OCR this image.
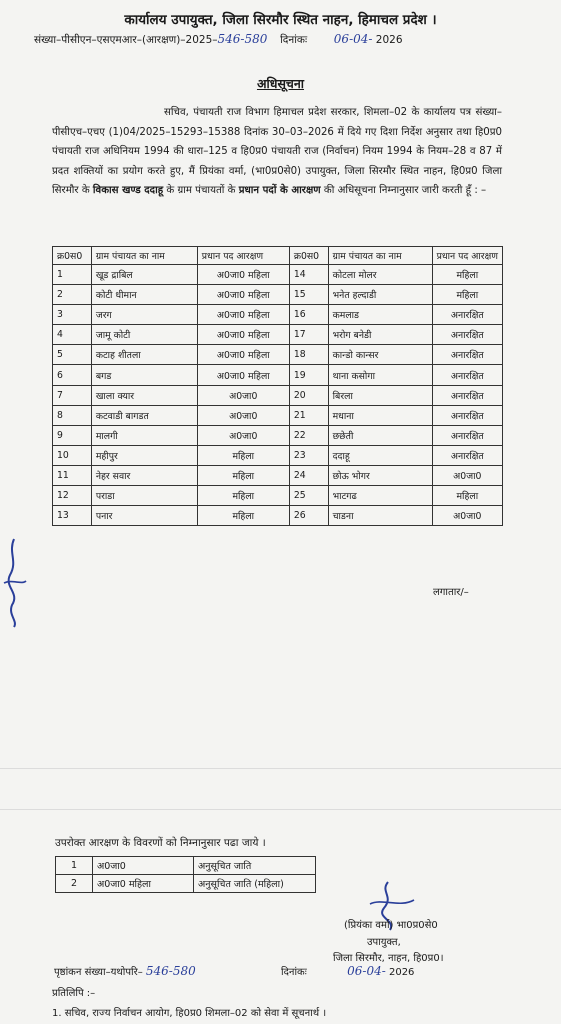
कार्यालय उपायुक्त, जिला सिरमौर स्थित नाहन, हिमाचल प्रदेश ।
संख्या–पीसीएन–एसएमआर–(आरक्षण)–2025–546-580 दिनांकः 06-04- 2026
अधिसूचना
सचिव, पंचायती राज विभाग हिमाचल प्रदेश सरकार, शिमला–02 के कार्यालय पत्र संख्या–पीसीएच–एचए (1)04/2025–15293–15388 दिनांक 30–03–2026 में दिये गए दिशा निर्देश अनुसार तथा हि0प्र0 पंचायती राज अधिनियम 1994 की धारा–125 व हि0प्र0 पंचायती राज (निर्वाचन) नियम 1994 के नियम–28 व 87 में प्रदत शक्तियों का प्रयोग करते हुए, मैं प्रियंका वर्मा, (भा0प्र0से0) उपायुक्त, जिला सिरमौर स्थित नाहन, हि0प्र0 जिला सिरमौर के विकास खण्ड ददाहू के ग्राम पंचायतों के प्रधान पदों के आरक्षण की अधिसूचना निम्नानुसार जारी करती हूँ : –
क्र0स0	ग्राम पंचायत का नाम	प्रधान पद आरक्षण	क्र0स0	ग्राम पंचायत का नाम	प्रधान पद आरक्षण
1	खूड द्राबिल	अ0जा0 महिला	14	कोटला मोलर	महिला
2	कोटी धीमान	अ0जा0 महिला	15	भनेत हल्दाडी	महिला
3	जरग	अ0जा0 महिला	16	कमलाड	अनारक्षित
4	जामू कोटी	अ0जा0 महिला	17	भरोग बनेडी	अनारक्षित
5	कटाह शीतला	अ0जा0 महिला	18	कान्डो कान्सर	अनारक्षित
6	बगड	अ0जा0 महिला	19	थाना कसोगा	अनारक्षित
7	खाला क्यार	अ0जा0	20	बिरला	अनारक्षित
8	कटवाडी बागडत	अ0जा0	21	मधाना	अनारक्षित
9	मालगी	अ0जा0	22	छछेती	अनारक्षित
10	महीपुर	महिला	23	ददाहू	अनारक्षित
11	नेहर सवार	महिला	24	छोऊ भोगर	अ0जा0
12	पराडा	महिला	25	भाटगढ	महिला
13	पनार	महिला	26	चाडना	अ0जा0
लगातार/–
उपरोक्त आरक्षण के विवरणों को निम्नानुसार पढा जाये ।
1	अ0जा0	अनुसूचित जाति
2	अ0जा0 महिला	अनुसूचित जाति (महिला)
(प्रियंका वर्मा) भा0प्र0से0
उपायुक्त,
जिला सिरमौर, नाहन, हि0प्र0।
पृष्ठांकन संख्या–यथोपरि– 546-580	दिनांकः	06-04- 2026
प्रतिलिपि :–
1. सचिव, राज्य निर्वाचन आयोग, हि0प्र0 शिमला–02 को सेवा में सूचनार्थ ।
